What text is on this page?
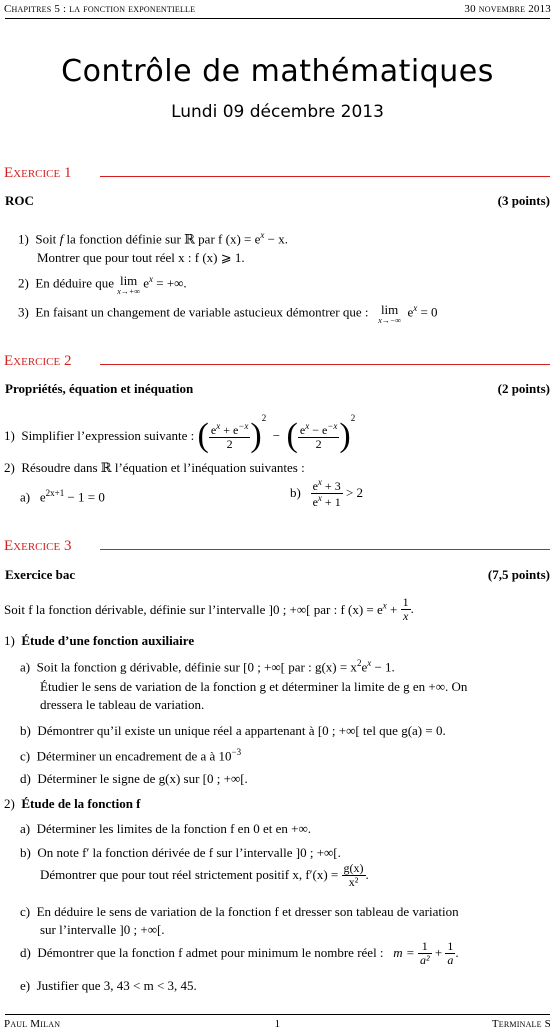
Chapitres 5 : la fonction exponentielle	30 novembre 2013
Contrôle de mathématiques
Lundi 09 décembre 2013
Exercice 1
ROC	(3 points)
1) Soit f la fonction définie sur ℝ par f $(x) = e^x - x$.
Montrer que pour tout réel x : f (x) ⩾ 1.
2) En déduire que lim
x→+∞
$e^x$ = +∞.
3) En faisant un changement de variable astucieux démontrer que : lim
x→−∞
$e^x = 0$
Exercice 2
Propriétés, équation et inéquation	(2 points)
1) Simplifier l’expression suivante : ( $\frac{e^x + e^{-x}}{2} )^2$  − ( $\frac{e^x - e^{-x}}{2} )^2$
2) Résoudre dans ℝ l’équation et l’inéquation suivantes :
a) $e^{2x+1} - 1 = 0$	$b) \frac{e^x + 3}{e^x + 1} > 2$
Exercice 3
Exercice bac	(7,5 points)
Soit f la fonction dérivable, définie sur l’intervalle ]0 ; +∞[ par : f $(x) = e^x + \frac{1}{x}$ .
1) Étude d’une fonction auxiliaire
a) Soit la fonction g dérivable, définie sur [0 ; +∞[ par : $g(x) = x^2e^x - 1$.
Étudier le sens de variation de la fonction g et déterminer la limite de g en +∞. On
dressera le tableau de variation.
b) Démontrer qu’il existe un unique réel a appartenant à [0 ; +∞[ tel que g(a) = 0.
c) Déterminer un encadrement de a à $10^{-3}$
d) Déterminer le signe de g(x) sur [0 ; +∞[.
2) Étude de la fonction f
a) Déterminer les limites de la fonction f en 0 et en +∞.
b) On note f′ la fonction dérivée de f sur l’intervalle ]0 ; +∞[.
Démontrer que pour tout réel strictement positif x, $f'(x) = \frac{g(x)}{\text{x²}}$ .
c) En déduire le sens de variation de la fonction f et dresser son tableau de variation
sur l’intervalle ]0 ; +∞[.
d) Démontrer que la fonction f admet pour minimum le nombre réel : $m = \frac{1}{\text{a²}} + \frac{1}{a}$ .
e) Justifier que 3, 43 < m < 3, 45.
Paul Milan	1	Terminale S
